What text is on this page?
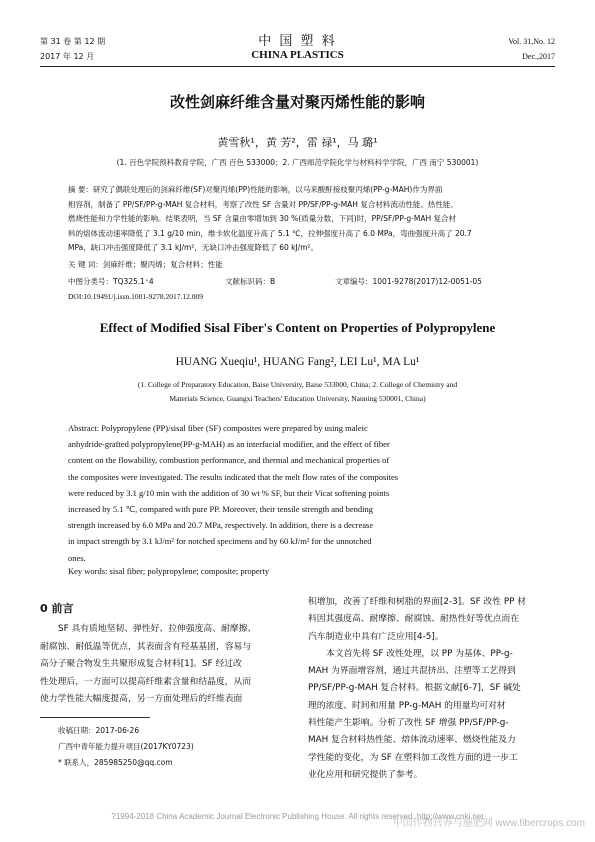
第 31 卷 第 12 期
2017 年 12 月
中 国 塑 料
CHINA PLASTICS
Vol. 31,No. 12
Dec.,2017
改性剑麻纤维含量对聚丙烯性能的影响
黄雪秋¹，黄 芳²，雷 禄¹，马 璐¹
(1. 百色学院预科教育学院，广西 百色 533000；2. 广西师范学院化学与材料科学学院，广西 南宁 530001)
摘 要：研究了偶联处理后的剑麻纤维(SF)对聚丙烯(PP)性能的影响，以马来酸酐接枝聚丙烯(PP-g-MAH)作为界面
相容剂，制备了 PP/SF/PP-g-MAH 复合材料，考察了改性 SF 含量对 PP/SF/PP-g-MAH 复合材料流动性能、热性能、
燃烧性能和力学性能的影响。结果表明，当 SF 含量由零增加到 30 %(质量分数，下同)时，PP/SF/PP-g-MAH 复合材
料的熔体流动速率降低了 3.1 g/10 min，维卡软化温度升高了 5.1 ℃，拉伸强度升高了 6.0 MPa，弯曲强度升高了 20.7
MPa，缺口冲击强度降低了 3.1 kJ/m²，无缺口冲击强度降低了 60 kJ/m²。
关 键 词：剑麻纤维；聚丙烯；复合材料；性能
中图分类号：TQ325.1⁺4	文献标识码：B	文章编号：1001-9278(2017)12-0051-05
DOI:10.19491/j.issn.1001-9278.2017.12.009
Effect of Modified Sisal Fiber's Content on Properties of Polypropylene
HUANG Xueqiu¹, HUANG Fang², LEI Lu¹, MA Lu¹
(1. College of Preparatory Education, Baise University, Baise 533000, China; 2. College of Chemistry and
Materials Science, Guangxi Teachers' Education University, Nanning 530001, China)
Abstract: Polypropylene (PP)/sisal fiber (SF) composites were prepared by using maleic
anhydride-grafted polypropylene(PP-g-MAH) as an interfacial modifier, and the effect of fiber
content on the flowability, combustion performance, and thermal and mechanical properties of
the composites were investigated. The results indicated that the melt flow rates of the composites
were reduced by 3.1 g/10 min with the addition of 30 wt % SF, but their Vicat softening points
increased by 5.1 ℃, compared with pure PP. Moreover, their tensile strength and bending
strength increased by 6.0 MPa and 20.7 MPa, respectively. In addition, there is a decrease
in impact strength by 3.1 kJ/m² for notched specimens and by 60 kJ/m² for the unnotched
ones.
Key words: sisal fiber; polypropylene; composite; property
0 前言
SF 具有质地坚韧、弹性好、拉伸强度高、耐摩擦、
耐腐蚀、耐低温等优点，其表面含有羟基基团，容易与
高分子聚合物发生共聚形成复合材料[1]。SF 经过改
性处理后，一方面可以提高纤维素含量和结晶度，从而
使力学性能大幅度提高，另一方面处理后的纤维表面
收稿日期：2017-06-26
广西中青年能力提升项目(2017KY0723)
* 联系人，285985250@qq.com
积增加，改善了纤维和树脂的界面[2-3]。SF 改性 PP 材
料因其强度高、耐摩擦、耐腐蚀、耐热性好等优点而在
汽车制造业中具有广泛应用[4-5]。
本文首先将 SF 改性处理，以 PP 为基体、PP-g-
MAH 为界面增容剂，通过共混挤出、注塑等工艺得到
PP/SF/PP-g-MAH 复合材料。根据文献[6-7]，SF 碱处
理的浓度、时间和用量 PP-g-MAH 的用量均可对材
料性能产生影响。分析了改性 SF 增强 PP/SF/PP-g-
MAH 复合材料热性能、熔体流动速率、燃烧性能及力
学性能的变化，为 SF 在塑料加工改性方面的进一步工
业化应用和研究提供了参考。
?1994-2018 China Academic Journal Electronic Publishing House. All rights reserved. http://www.cnki.net
中国作物营养与施肥网 www.fibercrops.com
